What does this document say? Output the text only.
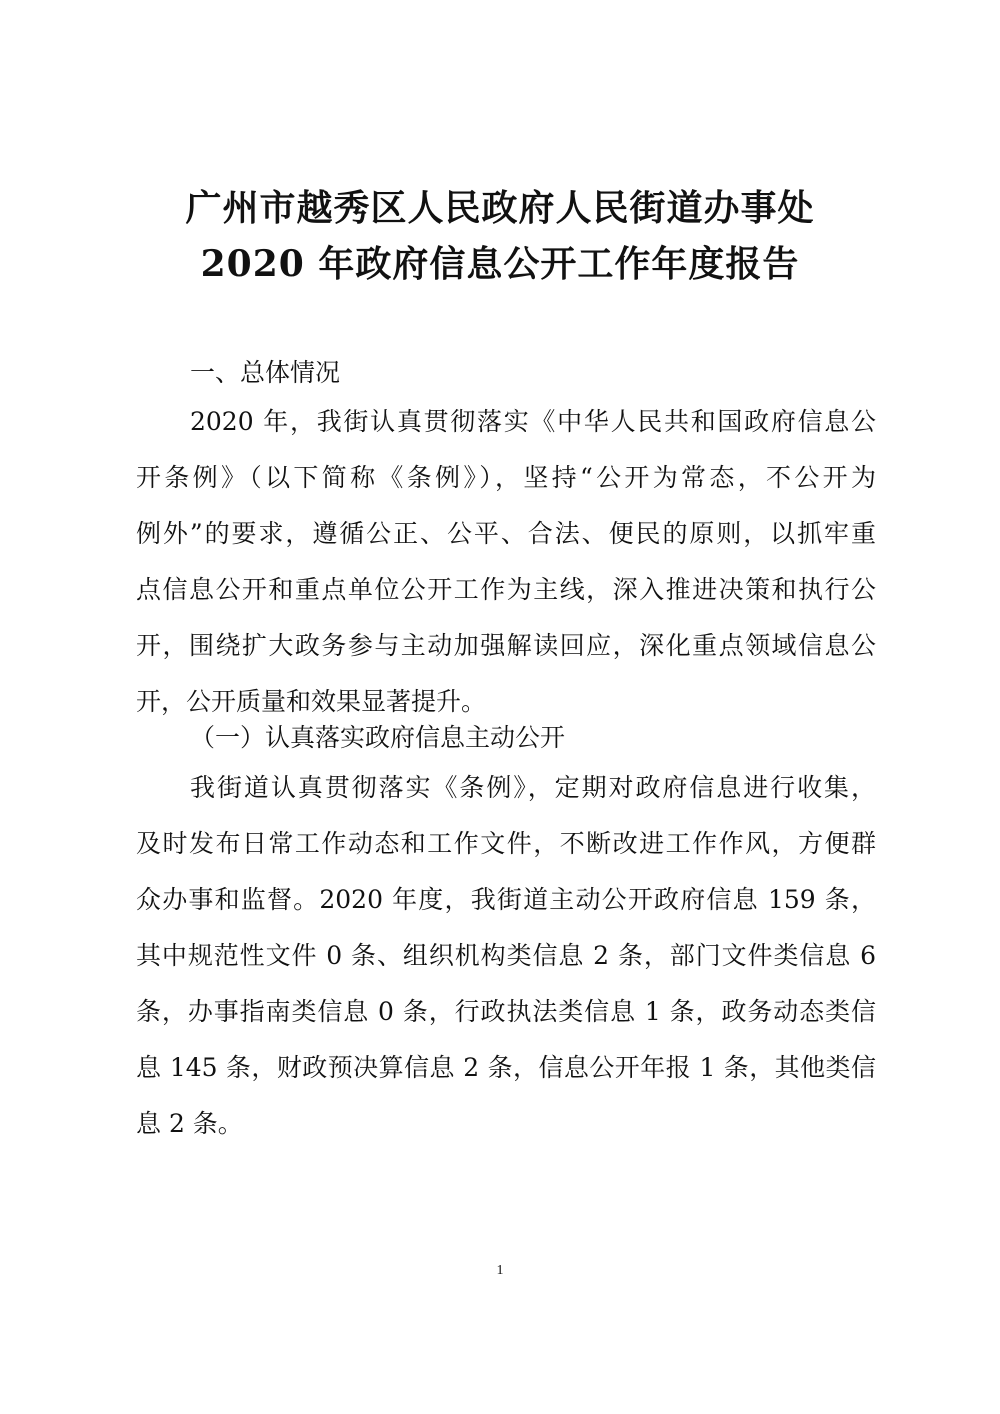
广州市越秀区人民政府人民街道办事处
2020 年政府信息公开工作年度报告
一、总体情况
2020 年，我街认真贯彻落实《中华人民共和国政府信息公
开条例》（以下简称《条例》），坚持“公开为常态，不公开为
例外”的要求，遵循公正、公平、合法、便民的原则，以抓牢重
点信息公开和重点单位公开工作为主线，深入推进决策和执行公
开，围绕扩大政务参与主动加强解读回应，深化重点领域信息公
开，公开质量和效果显著提升。
（一）认真落实政府信息主动公开
我街道认真贯彻落实《条例》，定期对政府信息进行收集，
及时发布日常工作动态和工作文件，不断改进工作作风，方便群
众办事和监督。2020 年度，我街道主动公开政府信息 159 条，
其中规范性文件 0 条、组织机构类信息 2 条，部门文件类信息 6
条，办事指南类信息 0 条，行政执法类信息 1 条，政务动态类信
息 145 条，财政预决算信息 2 条，信息公开年报 1 条，其他类信
息 2 条。
1
